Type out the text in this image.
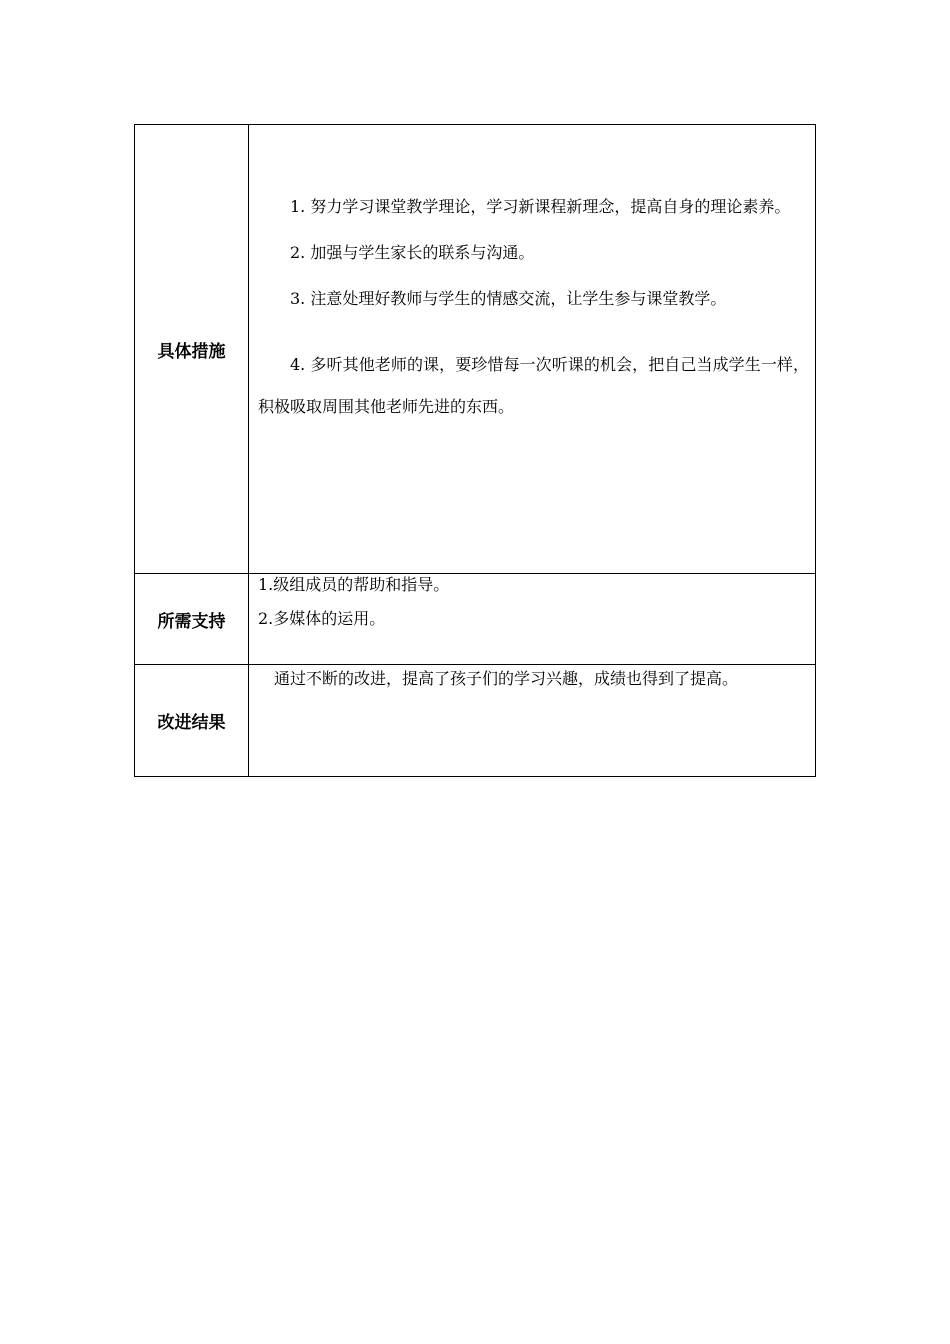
具体措施	1. 努力学习课堂教学理论，学习新课程新理念，提高自身的理论素养。

2. 加强与学生家长的联系与沟通。

3. 注意处理好教师与学生的情感交流，让学生参与课堂教学。

4. 多听其他老师的课，要珍惜每一次听课的机会，把自己当成学生一样，积极吸取周围其他老师先进的东西。

所需支持	1.级组成员的帮助和指导。

2.多媒体的运用。

改进结果	通过不断的改进，提高了孩子们的学习兴趣，成绩也得到了提高。
